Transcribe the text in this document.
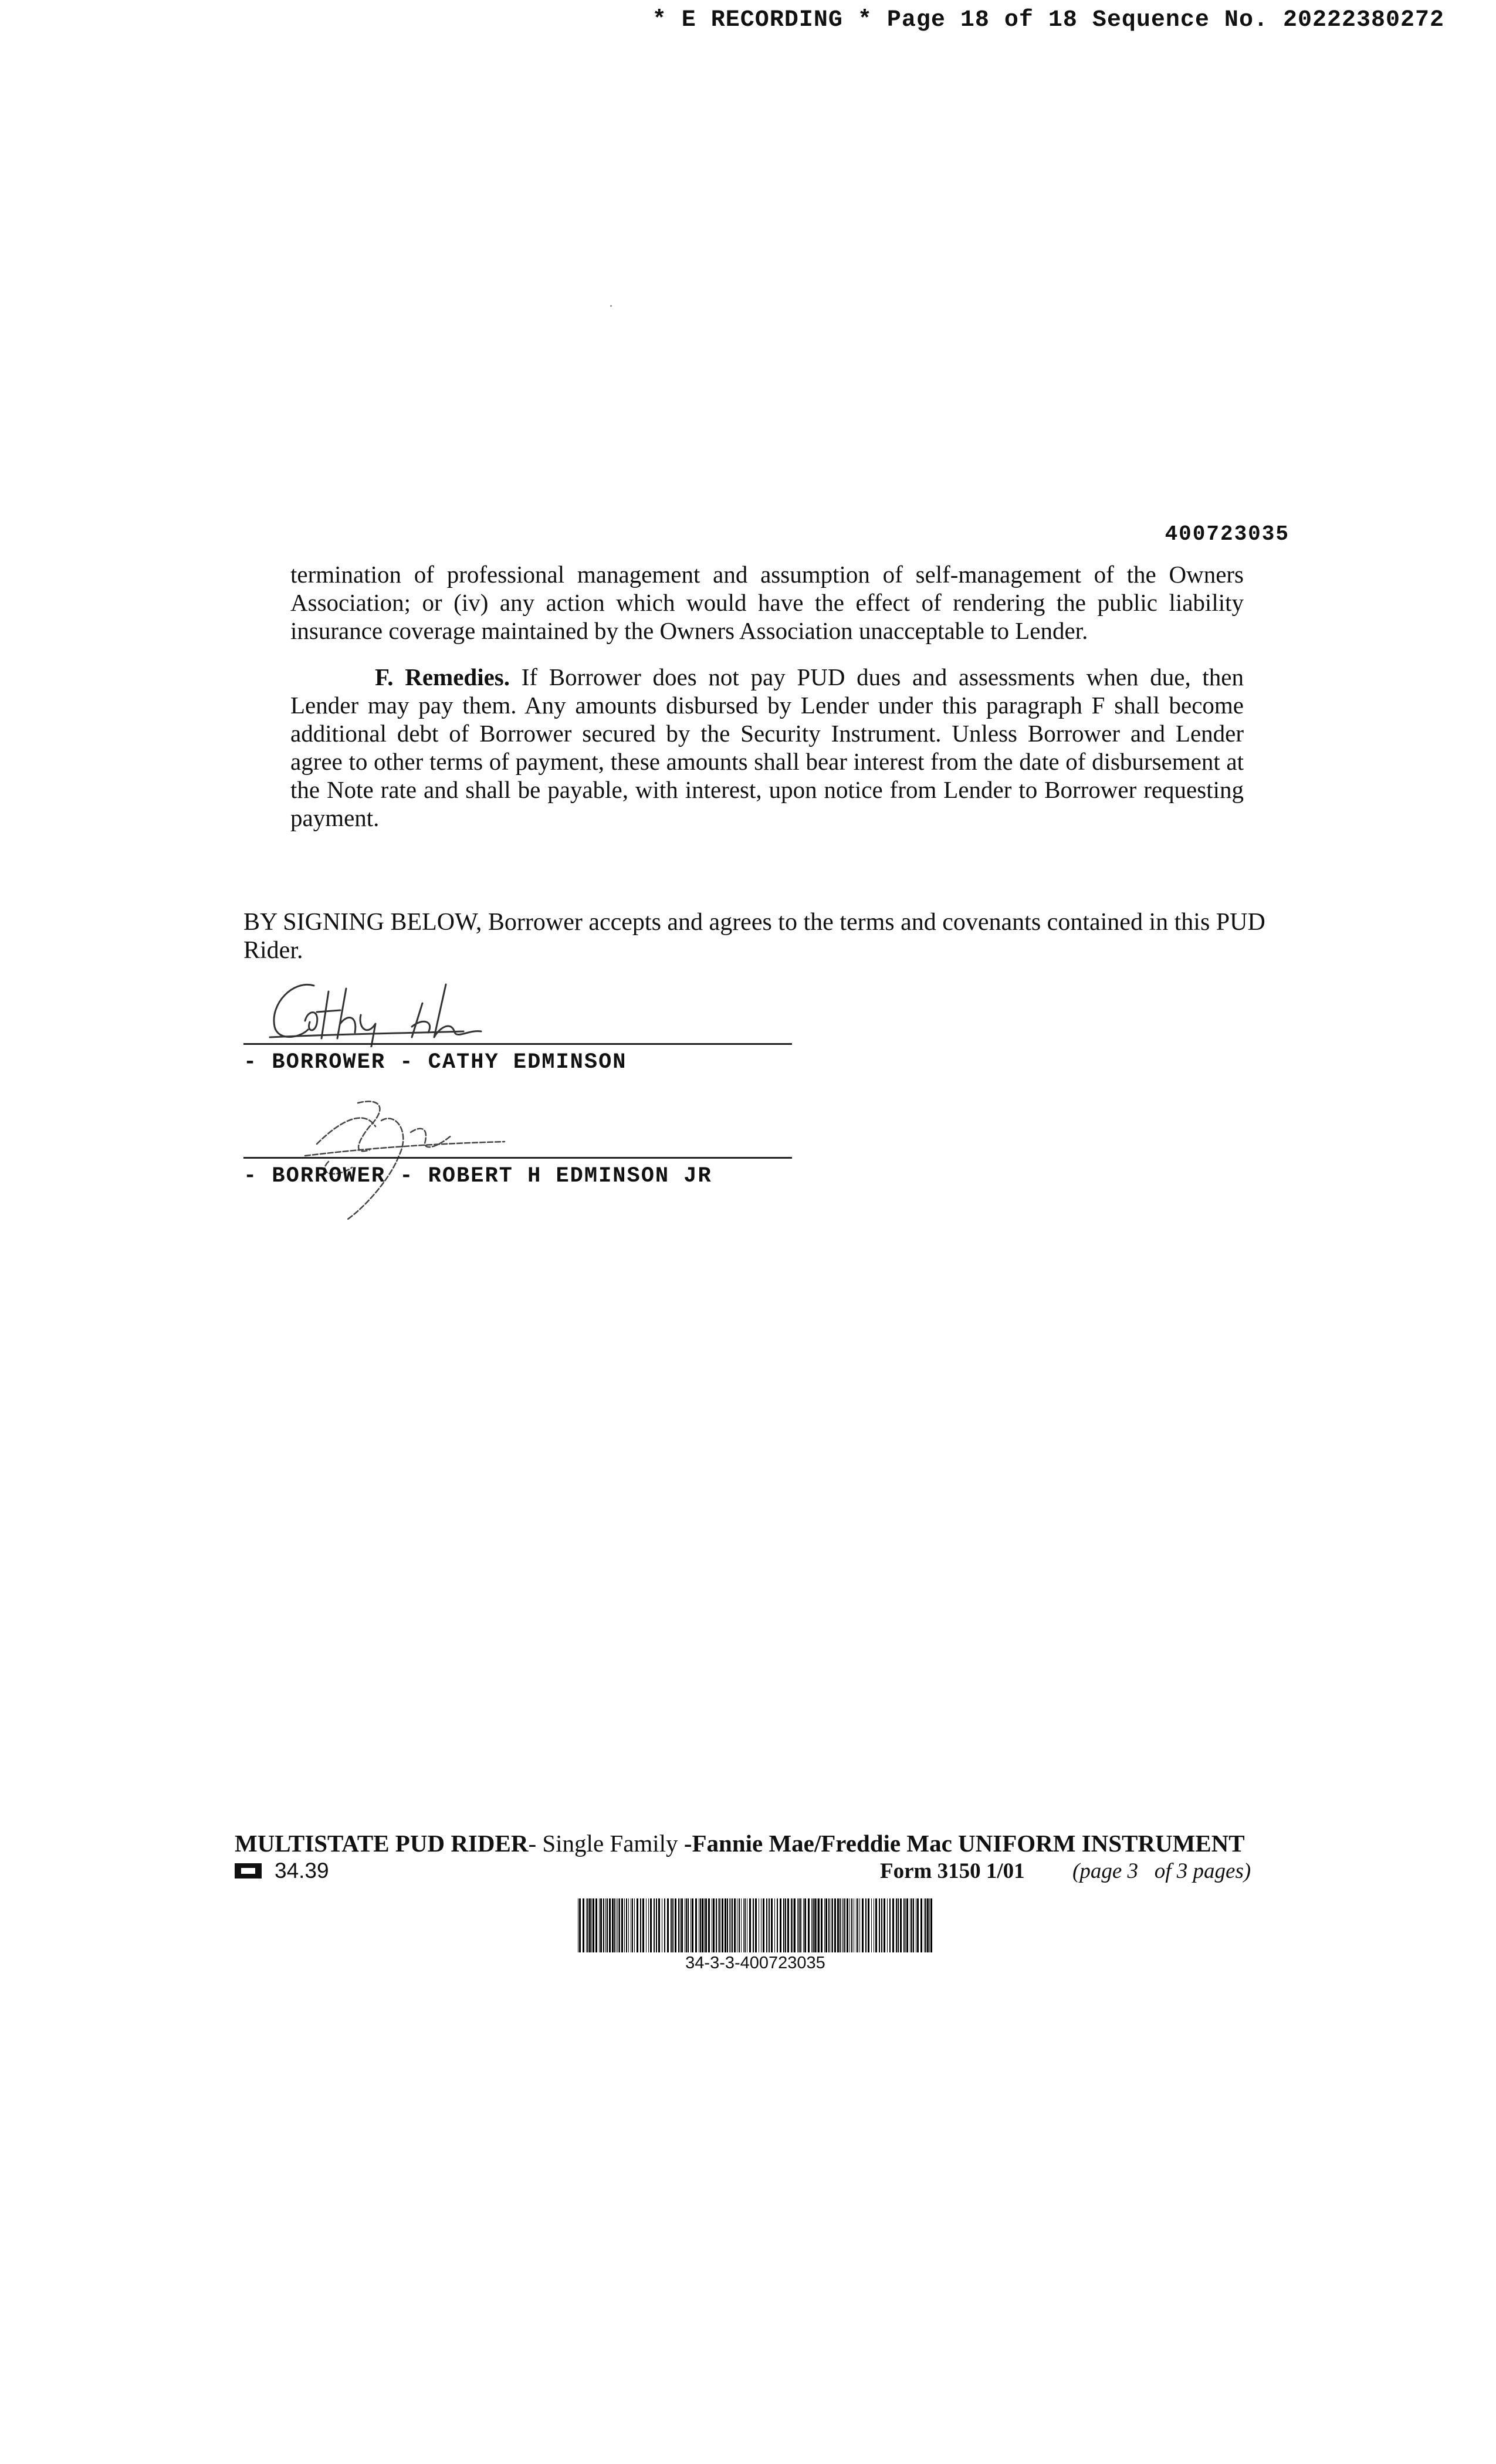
* E RECORDING * Page 18 of 18 Sequence No. 20222380272
400723035

termination of professional management and assumption of self-management of the Owners Association; or (iv) any action which would have the effect of rendering the public liability insurance coverage maintained by the Owners Association unacceptable to Lender.

F. Remedies. If Borrower does not pay PUD dues and assessments when due, then Lender may pay them. Any amounts disbursed by Lender under this paragraph F shall become additional debt of Borrower secured by the Security Instrument. Unless Borrower and Lender agree to other terms of payment, these amounts shall bear interest from the date of disbursement at the Note rate and shall be payable, with interest, upon notice from Lender to Borrower requesting payment.

BY SIGNING BELOW, Borrower accepts and agrees to the terms and covenants contained in this PUD Rider.
- BORROWER - CATHY EDMINSON
- BORROWER - ROBERT H EDMINSON JR
MULTISTATE PUD RIDER- Single Family -Fannie Mae/Freddie Mac UNIFORM INSTRUMENT
34.39	Form 3150 1/01 (page 3   of 3 pages)
34-3-3-400723035
